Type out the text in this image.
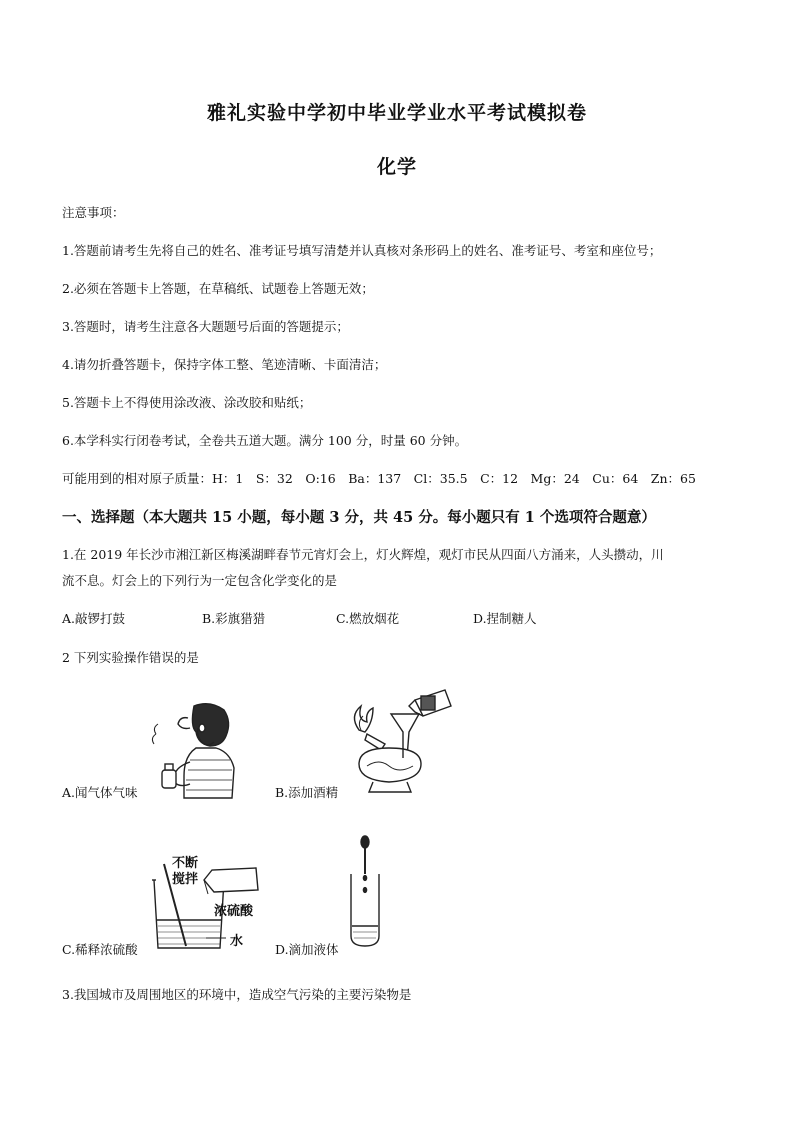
雅礼实验中学初中毕业学业水平考试模拟卷
化学
注意事项：
1.答题前请考生先将自己的姓名、准考证号填写清楚并认真核对条形码上的姓名、准考证号、考室和座位号；
2.必须在答题卡上答题，在草稿纸、试题卷上答题无效；
3.答题时，请考生注意各大题题号后面的答题提示；
4.请勿折叠答题卡，保持字体工整、笔迹清晰、卡面清洁；
5.答题卡上不得使用涂改液、涂改胶和贴纸；
6.本学科实行闭卷考试，全卷共五道大题。满分 100 分，时量 60 分钟。
可能用到的相对原子质量：H：1　S：32　O:16　Ba：137　Cl：35.5　C：12　Mg：24　Cu：64　Zn：65
一、选择题（本大题共 15 小题，每小题 3 分，共 45 分。每小题只有 1 个选项符合题意）
1.在 2019 年长沙市湘江新区梅溪湖畔春节元宵灯会上，灯火辉煌，观灯市民从四面八方涌来，人头攒动，川
流不息。灯会上的下列行为一定包含化学变化的是
A.敲锣打鼓	B.彩旗猎猎	C.燃放烟花	D.捏制糖人
2 下列实验操作错误的是
A.闻气体气味	B.添加酒精
不断
搅拌
浓硫酸
水
C.稀释浓硫酸	D.滴加液体
3.我国城市及周围地区的环境中，造成空气污染的主要污染物是
